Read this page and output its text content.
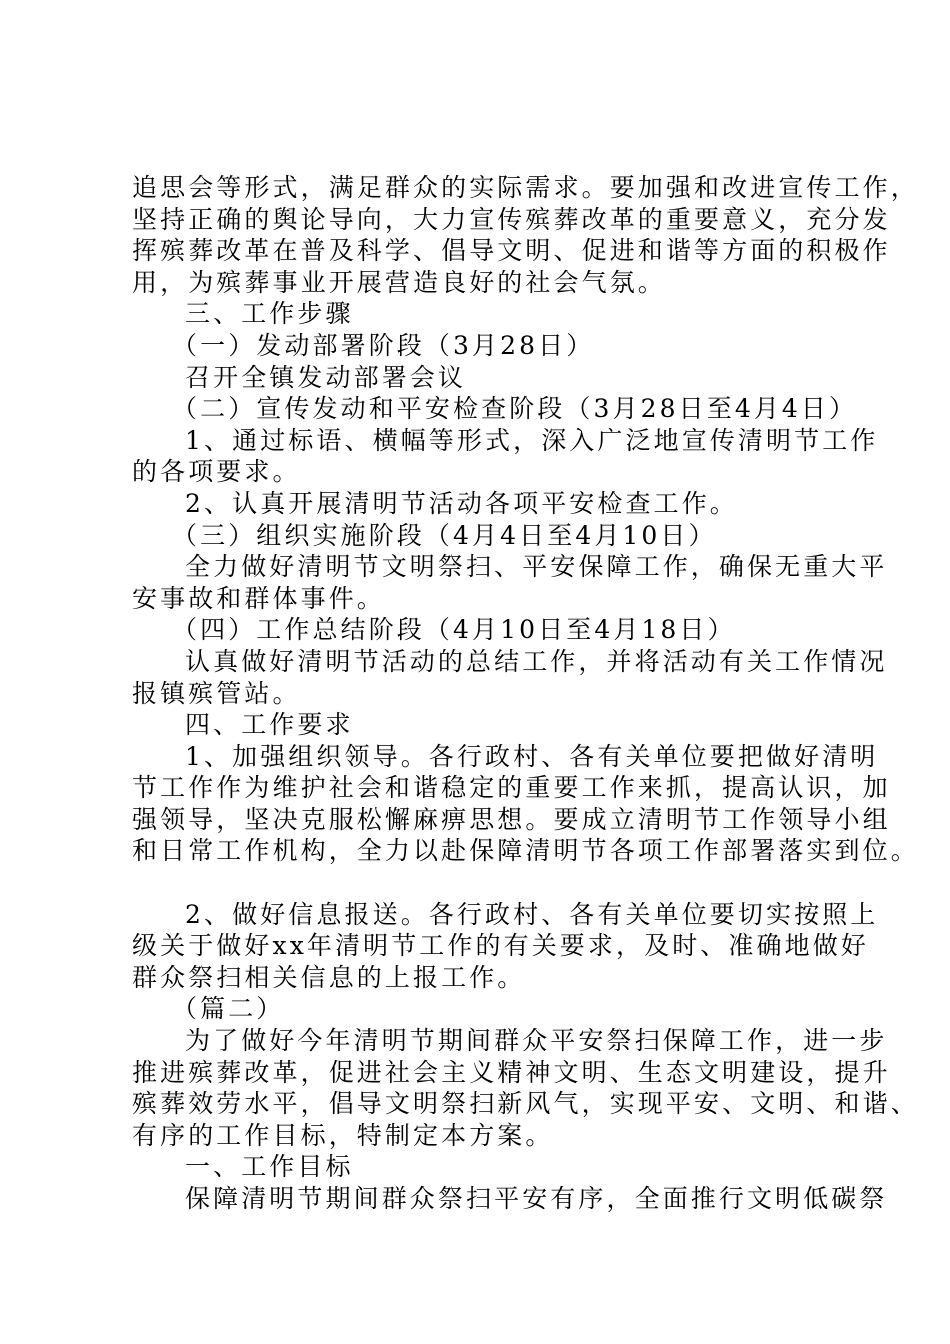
追思会等形式，满足群众的实际需求。要加强和改进宣传工作，
坚持正确的舆论导向，大力宣传殡葬改革的重要意义，充分发
挥殡葬改革在普及科学、倡导文明、促进和谐等方面的积极作
用，为殡葬事业开展营造良好的社会气氛。
三、工作步骤
（一）发动部署阶段（3月28日）
召开全镇发动部署会议
（二）宣传发动和平安检查阶段（3月28日至4月4日）
1、通过标语、横幅等形式，深入广泛地宣传清明节工作
的各项要求。
2、认真开展清明节活动各项平安检查工作。
（三）组织实施阶段（4月4日至4月10日）
全力做好清明节文明祭扫、平安保障工作，确保无重大平
安事故和群体事件。
（四）工作总结阶段（4月10日至4月18日）
认真做好清明节活动的总结工作，并将活动有关工作情况
报镇殡管站。
四、工作要求
1、加强组织领导。各行政村、各有关单位要把做好清明
节工作作为维护社会和谐稳定的重要工作来抓，提高认识，加
强领导，坚决克服松懈麻痹思想。要成立清明节工作领导小组
和日常工作机构，全力以赴保障清明节各项工作部署落实到位。
2、做好信息报送。各行政村、各有关单位要切实按照上
级关于做好xx年清明节工作的有关要求，及时、准确地做好
群众祭扫相关信息的上报工作。
（篇二）
为了做好今年清明节期间群众平安祭扫保障工作，进一步
推进殡葬改革，促进社会主义精神文明、生态文明建设，提升
殡葬效劳水平，倡导文明祭扫新风气，实现平安、文明、和谐、
有序的工作目标，特制定本方案。
一、工作目标
保障清明节期间群众祭扫平安有序，全面推行文明低碳祭
